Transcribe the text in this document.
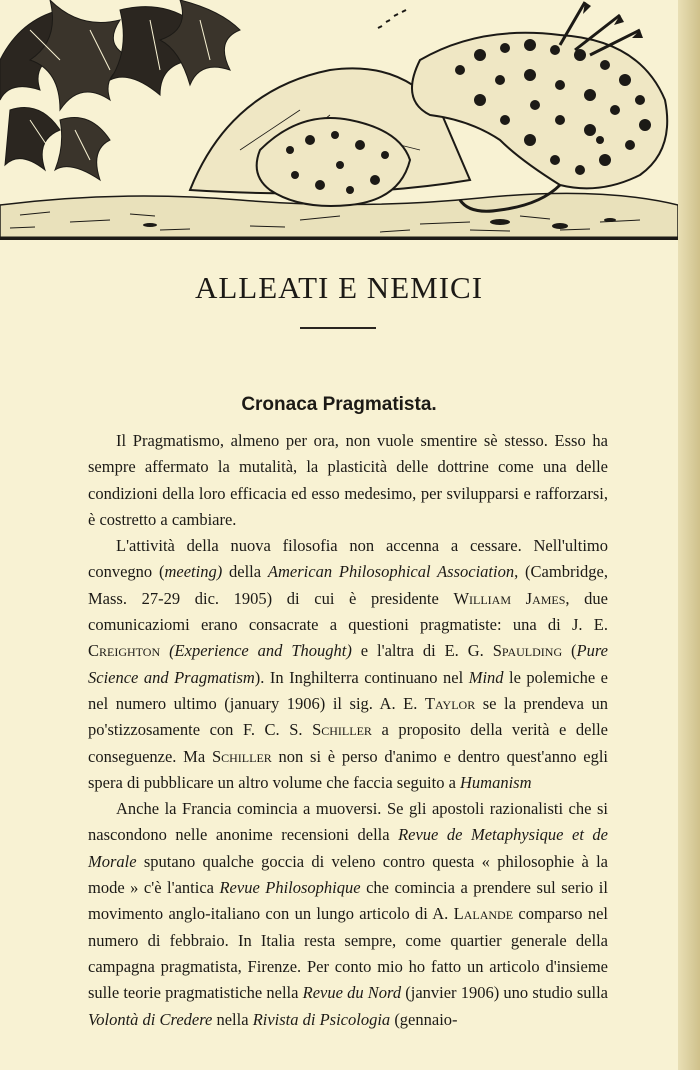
ALLEATI E NEMICI
Cronaca Pragmatista.

Il Pragmatismo, almeno per ora, non vuole smentire sè stesso. Esso ha sempre affermato la mutalità, la plasticità delle dottrine come una delle condizioni della loro efficacia ed esso medesimo, per svilupparsi e rafforzarsi, è costretto a cambiare.

L'attività della nuova filosofia non accenna a cessare. Nell'ultimo convegno (meeting) della American Philosophical Association, (Cambridge, Mass. 27-29 dic. 1905) di cui è presidente William James, due comunicaziomi erano consacrate a questioni pragmatiste: una di J. E. Creighton (Experience and Thought) e l'altra di E. G. Spaulding (Pure Science and Pragmatism). In Inghilterra continuano nel Mind le polemiche e nel numero ultimo (january 1906) il sig. A. E. Taylor se la prendeva un po'stizzosamente con F. C. S. Schiller a proposito della verità e delle conseguenze. Ma Schiller non si è perso d'animo e dentro quest'anno egli spera di pubblicare un altro volume che faccia seguito a Humanism

Anche la Francia comincia a muoversi. Se gli apostoli razionalisti che si nascondono nelle anonime recensioni della Revue de Metaphysique et de Morale sputano qualche goccia di veleno contro questa « philosophie à la mode » c'è l'antica Revue Philosophique che comincia a prendere sul serio il movimento anglo-italiano con un lungo articolo di A. Lalande comparso nel numero di febbraio. In Italia resta sempre, come quartier generale della campagna pragmatista, Firenze. Per conto mio ho fatto un articolo d'insieme sulle teorie pragmatistiche nella Revue du Nord (janvier 1906) uno studio sulla Volontà di Credere nella Rivista di Psicologia (gennaio-
